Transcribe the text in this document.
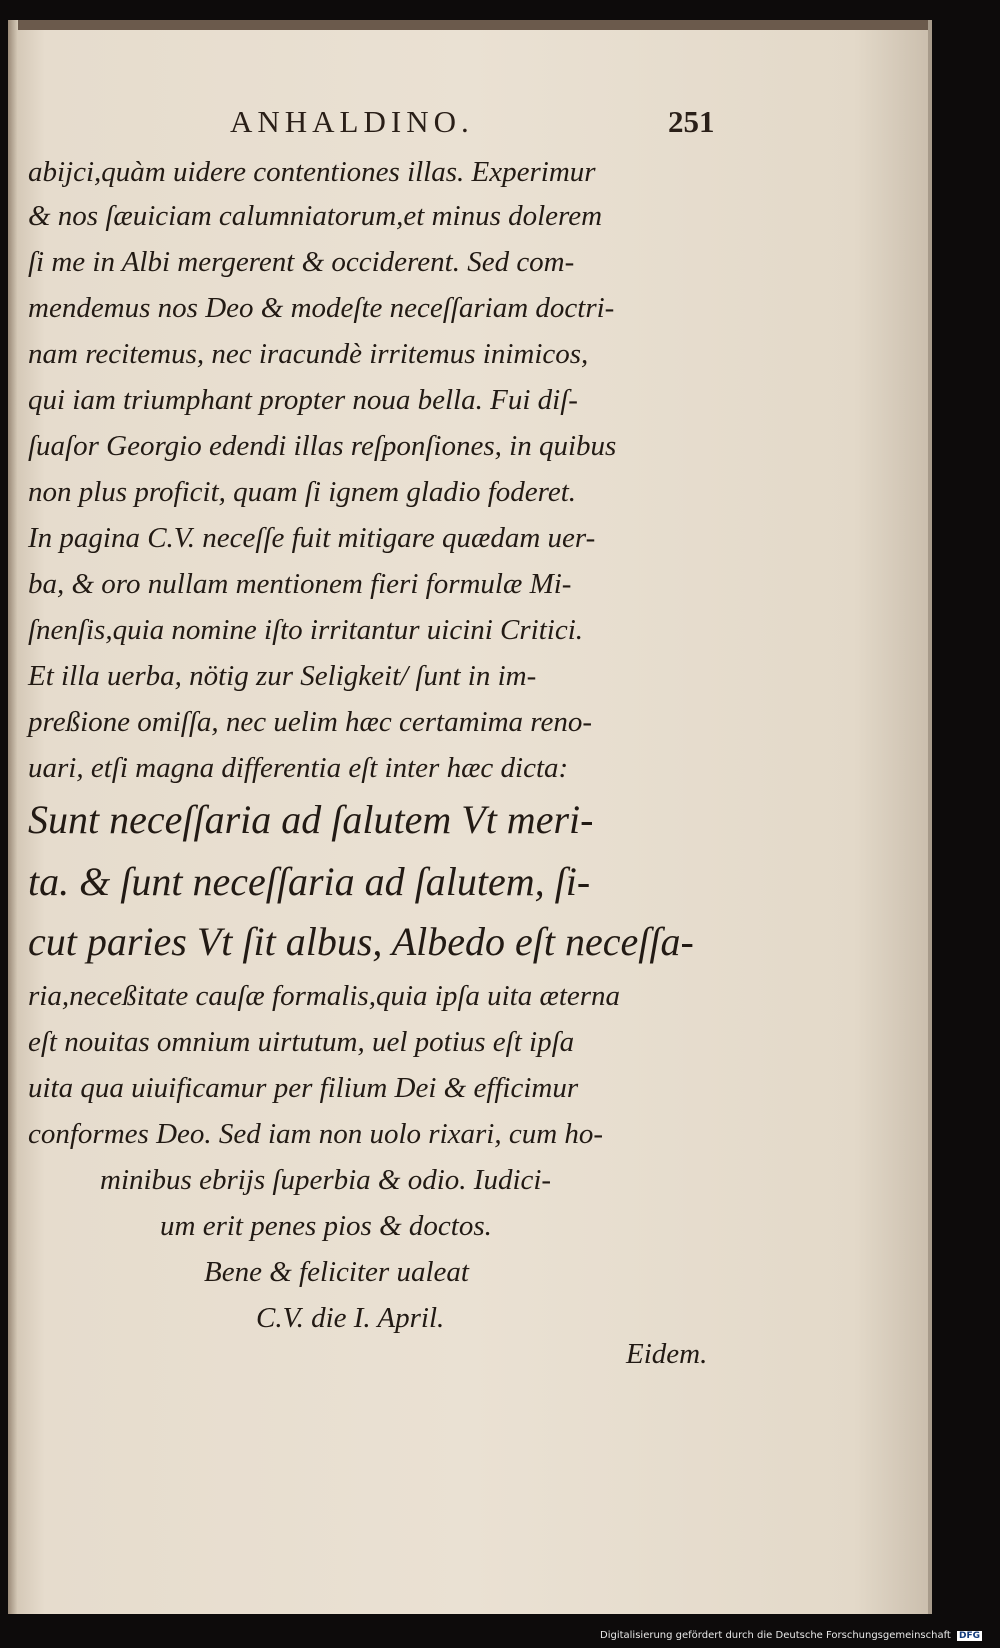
ANHALDINO.	251
abijci,quàm uidere contentiones illas. Experimur
& nos ſæuiciam calumniatorum,et minus dolerem
ſi me in Albi mergerent & occiderent. Sed com-
mendemus nos Deo & modeſte neceſſariam doctri-
nam recitemus, nec iracundè irritemus inimicos,
qui iam triumphant propter noua bella. Fui diſ-
ſuaſor Georgio edendi illas reſponſiones, in quibus
non plus proficit, quam ſi ignem gladio foderet.
In pagina C.V. neceſſe fuit mitigare quædam uer-
ba, & oro nullam mentionem fieri formulæ Mi-
ſnenſis,quia nomine iſto irritantur uicini Critici.
Et illa uerba, nötig zur Seligkeit/ ſunt in im-
preßione omiſſa, nec uelim hæc certamima reno-
uari, etſi magna differentia eſt inter hæc dicta:
Sunt neceſſaria ad ſalutem Vt meri-
ta. & ſunt neceſſaria ad ſalutem, ſi-
cut paries Vt ſit albus, Albedo eſt neceſſa-
ria,neceßitate cauſæ formalis,quia ipſa uita æterna
eſt nouitas omnium uirtutum, uel potius eſt ipſa
uita qua uiuificamur per filium Dei & efficimur
conformes Deo. Sed iam non uolo rixari, cum ho-
minibus ebrijs ſuperbia & odio. Iudici-
um erit penes pios & doctos.
Bene & feliciter ualeat
C.V. die I. April.
Eidem.
Digitalisierung gefördert durch die Deutsche Forschungsgemeinschaft DFG
